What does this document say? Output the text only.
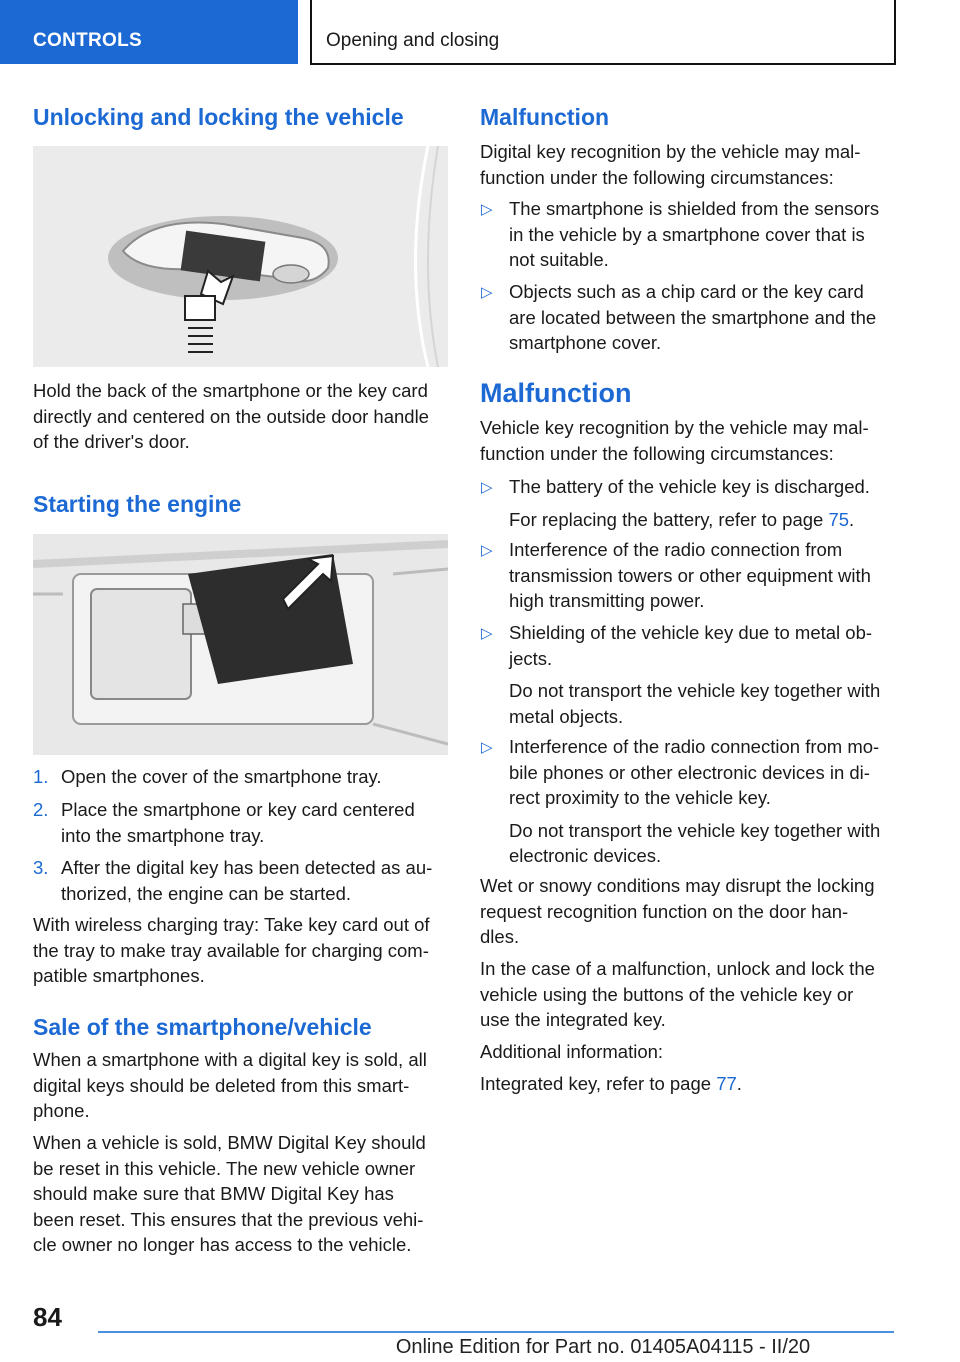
CONTROLS	Opening and closing
Unlocking and locking the vehicle
Hold the back of the smartphone or the key card
directly and centered on the outside door handle
of the driver's door.
Starting the engine
1. Open the cover of the smartphone tray.
2. Place the smartphone or key card centered
into the smartphone tray.
3. After the digital key has been detected as au-
thorized, the engine can be started.
With wireless charging tray: Take key card out of
the tray to make tray available for charging com-
patible smartphones.
Sale of the smartphone/vehicle
When a smartphone with a digital key is sold, all
digital keys should be deleted from this smart-
phone.
When a vehicle is sold, BMW Digital Key should
be reset in this vehicle. The new vehicle owner
should make sure that BMW Digital Key has
been reset. This ensures that the previous vehi-
cle owner no longer has access to the vehicle.
Malfunction
Digital key recognition by the vehicle may mal-
function under the following circumstances:
▷ The smartphone is shielded from the sensors
in the vehicle by a smartphone cover that is
not suitable.
▷ Objects such as a chip card or the key card
are located between the smartphone and the
smartphone cover.
Malfunction
Vehicle key recognition by the vehicle may mal-
function under the following circumstances:
▷ The battery of the vehicle key is discharged.
For replacing the battery, refer to page 75.
▷ Interference of the radio connection from
transmission towers or other equipment with
high transmitting power.
▷ Shielding of the vehicle key due to metal ob-
jects.
Do not transport the vehicle key together with
metal objects.
▷ Interference of the radio connection from mo-
bile phones or other electronic devices in di-
rect proximity to the vehicle key.
Do not transport the vehicle key together with
electronic devices.
Wet or snowy conditions may disrupt the locking
request recognition function on the door han-
dles.
In the case of a malfunction, unlock and lock the
vehicle using the buttons of the vehicle key or
use the integrated key.
Additional information:
Integrated key, refer to page 77.
84
Online Edition for Part no. 01405A04115 - II/20
